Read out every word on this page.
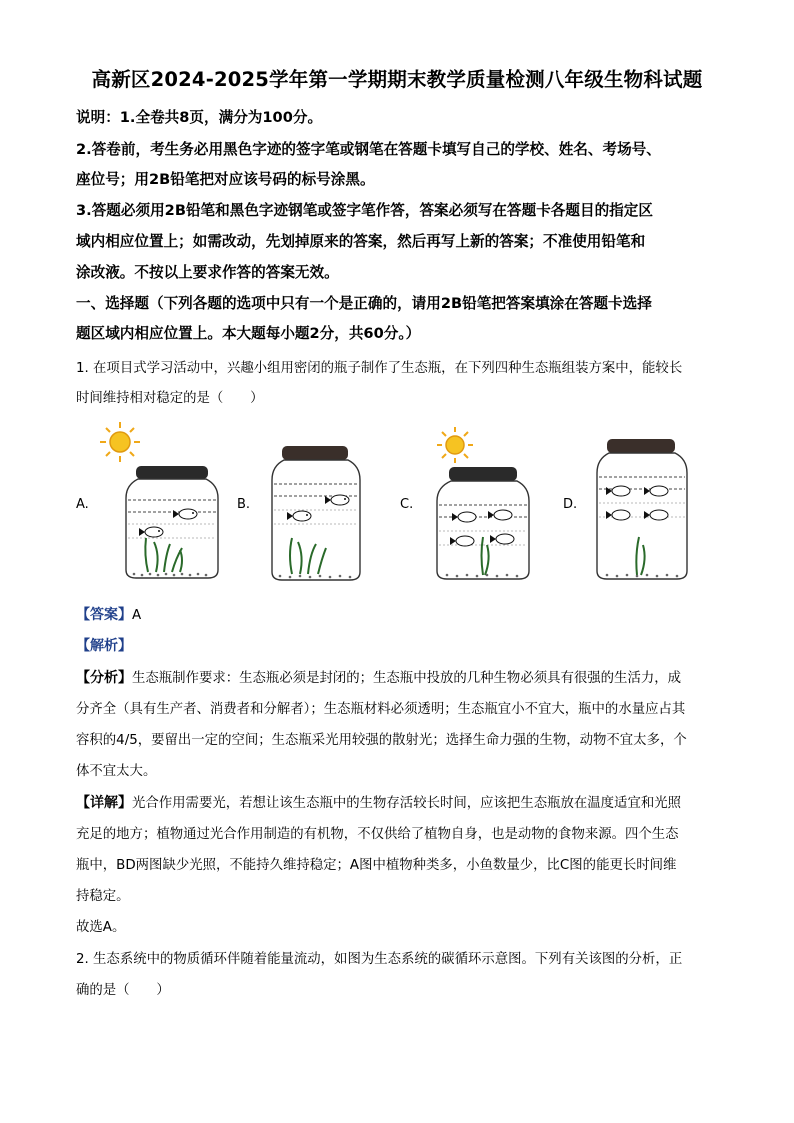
高新区2024-2025学年第一学期期末教学质量检测八年级生物科试题
说明：1.全卷共8页，满分为100分。
2.答卷前，考生务必用黑色字迹的签字笔或钢笔在答题卡填写自己的学校、姓名、考场号、
座位号；用2B铅笔把对应该号码的标号涂黑。
3.答题必须用2B铅笔和黑色字迹钢笔或签字笔作答，答案必须写在答题卡各题目的指定区
域内相应位置上；如需改动，先划掉原来的答案，然后再写上新的答案；不准使用铅笔和
涂改液。不按以上要求作答的答案无效。
一、选择题（下列各题的选项中只有一个是正确的，请用2B铅笔把答案填涂在答题卡选择
题区域内相应位置上。本大题每小题2分，共60分。）
1. 在项目式学习活动中，兴趣小组用密闭的瓶子制作了生态瓶，在下列四种生态瓶组装方案中，能较长
时间维持相对稳定的是（　　）
A.	B.	C.	D.
【答案】A
【解析】
【分析】生态瓶制作要求：生态瓶必须是封闭的；生态瓶中投放的几种生物必须具有很强的生活力，成
分齐全（具有生产者、消费者和分解者）；生态瓶材料必须透明；生态瓶宜小不宜大，瓶中的水量应占其
容积的4/5，要留出一定的空间；生态瓶采光用较强的散射光；选择生命力强的生物，动物不宜太多，个
体不宜太大。
【详解】光合作用需要光，若想让该生态瓶中的生物存活较长时间，应该把生态瓶放在温度适宜和光照
充足的地方；植物通过光合作用制造的有机物，不仅供给了植物自身，也是动物的食物来源。四个生态
瓶中，BD两图缺少光照，不能持久维持稳定；A图中植物种类多，小鱼数量少，比C图的能更长时间维
持稳定。
故选A。
2. 生态系统中的物质循环伴随着能量流动，如图为生态系统的碳循环示意图。下列有关该图的分析，正
确的是（　　）
